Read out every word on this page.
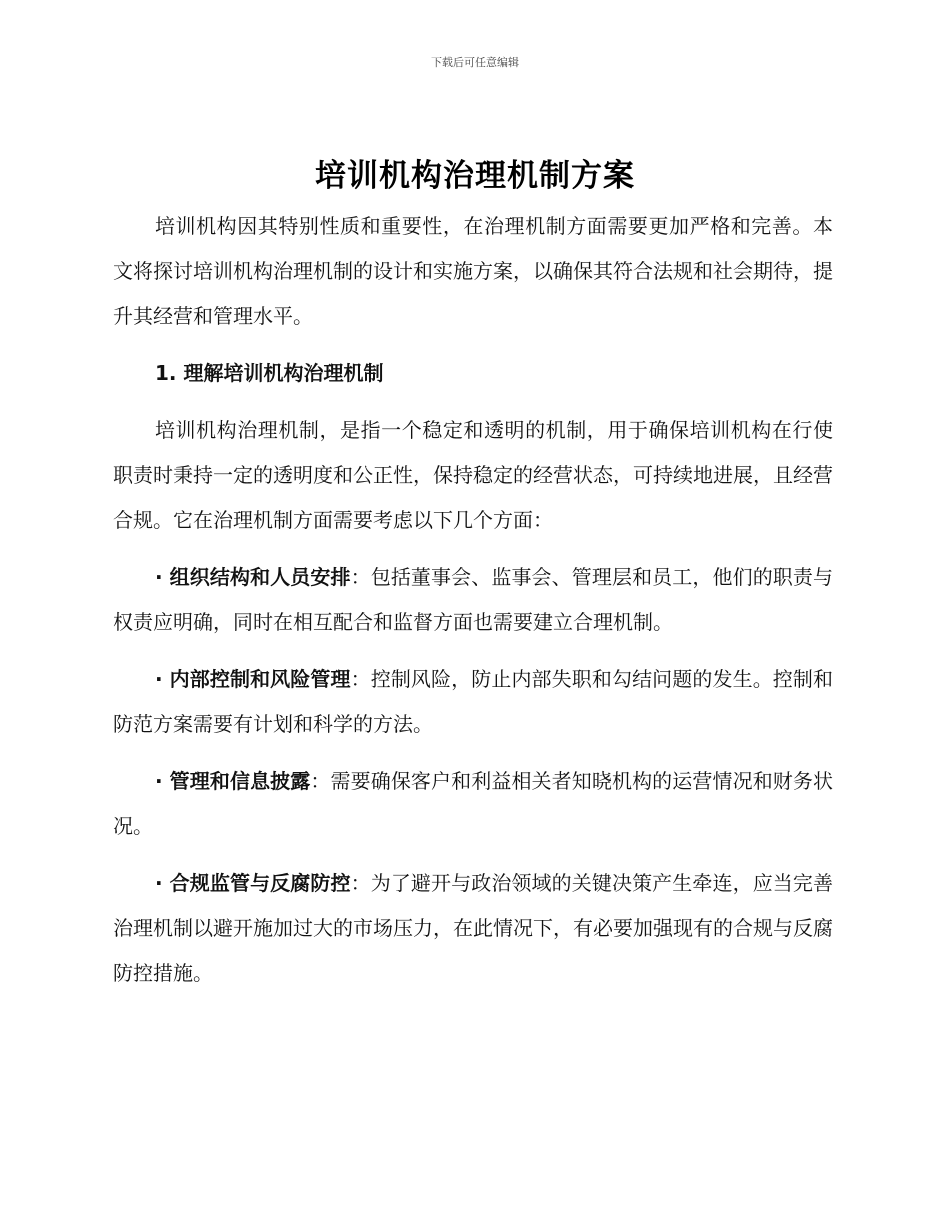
下载后可任意编辑
培训机构治理机制方案

培训机构因其特别性质和重要性，在治理机制方面需要更加严格和完善。本文将探讨培训机构治理机制的设计和实施方案，以确保其符合法规和社会期待，提升其经营和管理水平。

1. 理解培训机构治理机制

培训机构治理机制，是指一个稳定和透明的机制，用于确保培训机构在行使职责时秉持一定的透明度和公正性，保持稳定的经营状态，可持续地进展，且经营合规。它在治理机制方面需要考虑以下几个方面：

· 组织结构和人员安排：包括董事会、监事会、管理层和员工，他们的职责与权责应明确，同时在相互配合和监督方面也需要建立合理机制。

· 内部控制和风险管理：控制风险，防止内部失职和勾结问题的发生。控制和防范方案需要有计划和科学的方法。

· 管理和信息披露：需要确保客户和利益相关者知晓机构的运营情况和财务状况。

· 合规监管与反腐防控：为了避开与政治领域的关键决策产生牵连，应当完善治理机制以避开施加过大的市场压力，在此情况下，有必要加强现有的合规与反腐防控措施。
